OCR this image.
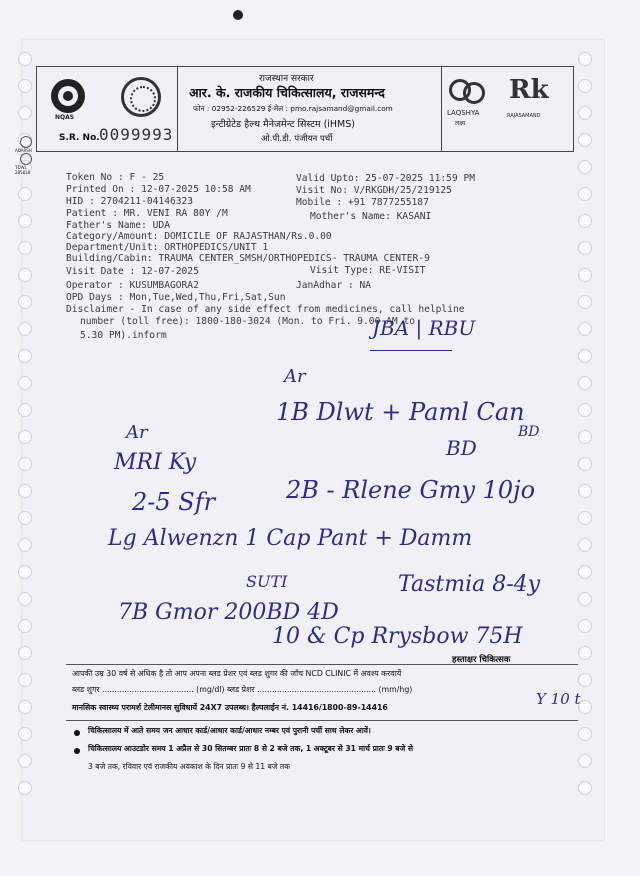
ADARSH
TOWL
285818
NQAS
S.R. No. 0099993
राजस्थान सरकार
आर. के. राजकीय चिकित्सालय, राजसमन्द
फोन : 02952-226529 ई-मेल : pmo.rajsamand@gmail.com
इन्टीग्रेटेड हैल्थ मैनेजमेन्ट सिस्टम (iHMS)
ओ.पी.डी. पंजीयन पर्ची
LAQSHYA
लक्ष्य
Rk
RAJASAMAND
Token No : F - 25	Valid Upto: 25-07-2025 11:59 PM
Printed On : 12-07-2025 10:58 AM	Visit No: V/RKGDH/25/219125
HID : 2704211-04146323	Mobile : +91 7877255187
Patient : MR. VENI RA 80Y /M	Mother's Name: KASANI
Father's Name: UDA
Category/Amount: DOMICILE OF RAJASTHAN/Rs.0.00
Department/Unit: ORTHOPEDICS/UNIT 1
Building/Cabin: TRAUMA CENTER_SMSH/ORTHOPEDICS- TRAUMA CENTER-9
Visit Type: RE-VISIT
Visit Date : 12-07-2025
Operator : KUSUMBAGORA2	JanAdhar : NA
OPD Days : Mon,Tue,Wed,Thu,Fri,Sat,Sun
Disclaimer - In case of any side effect from medicines, call helpline
number (toll free): 1800-180-3024 (Mon. to Fri. 9.00 AM to
5.30 PM).inform	JBA | RBU
Ar
1B Dlwt + Paml Can
BD
BD
Ar
MRI Ky
2-5 Sfr	2B - Rlene Gmy 10jo
Lg Alwenzn 1 Cap Pant + Damm
SUTI	Tastmia 8-4y
7B Gmor 200BD 4D
10 & Cp Rrysbow 75H
Y 10 t
हस्ताक्षर चिकित्सक
आपकी उम्र 30 वर्ष से अधिक है तो आप अपना ब्लड प्रेशर एवं ब्लड शुगर की जाँच NCD CLINIC में अवश्य करवायें
ब्लड शुगर ..................................... (mg/dl) ब्लड प्रेशर ................................................ (mm/hg)
मानसिक स्वास्थ्य परामर्श टेलीमानस सुविधायें 24X7 उपलब्ध। हैल्पलाईन नं. 14416/1800-89-14416
चिकित्सालय में आते समय जन आधार कार्ड/आधार कार्ड/आधार नम्बर एवं पुरानी पर्ची साथ लेकर आवें।
चिकित्सालय आउटडोर समय 1 अप्रैल से 30 सितम्बर प्रातः 8 से 2 बजे तक, 1 अक्टूबर से 31 मार्च प्रातः 9 बजे से
3 बजे तक, रविवार एवं राजकीय अवकाश के दिन प्रातः 9 से 11 बजे तक
